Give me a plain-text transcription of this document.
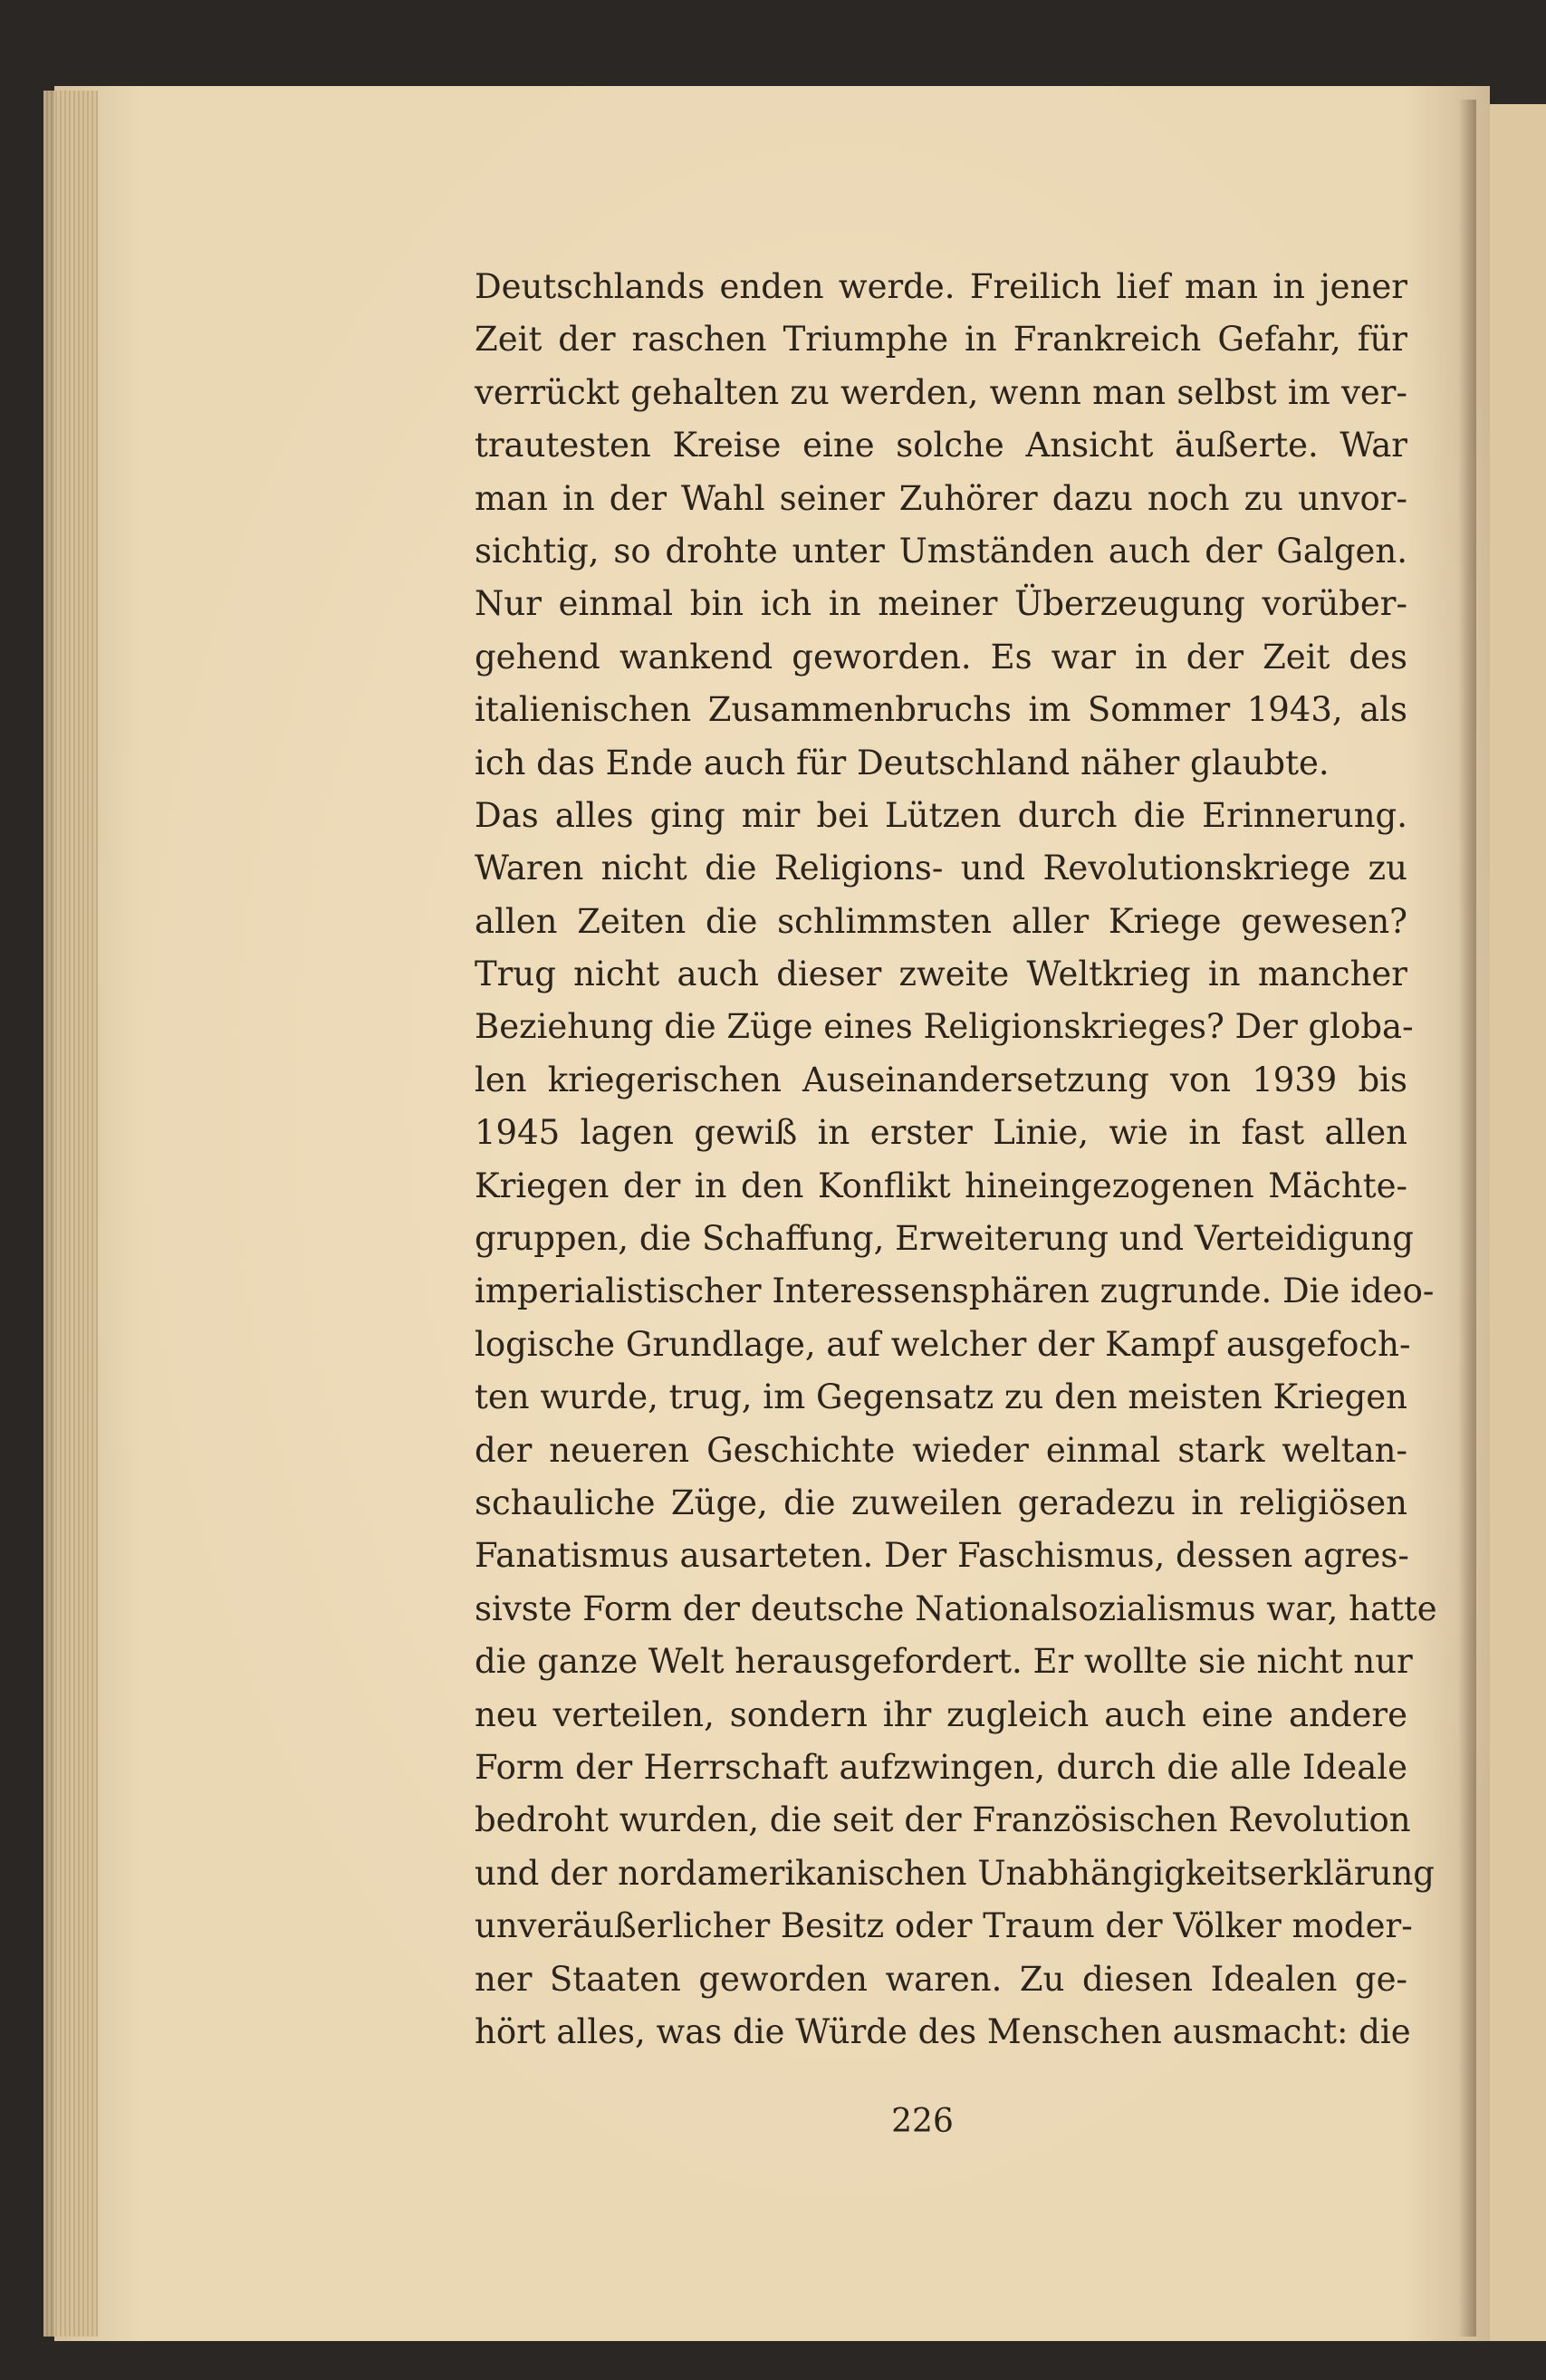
Deutschlands enden werde. Freilich lief man in jener
Zeit der raschen Triumphe in Frankreich Gefahr, für
verrückt gehalten zu werden, wenn man selbst im ver-
trautesten Kreise eine solche Ansicht äußerte. War
man in der Wahl seiner Zuhörer dazu noch zu unvor-
sichtig, so drohte unter Umständen auch der Galgen.
Nur einmal bin ich in meiner Überzeugung vorüber-
gehend wankend geworden. Es war in der Zeit des
italienischen Zusammenbruchs im Sommer 1943, als
ich das Ende auch für Deutschland näher glaubte.
Das alles ging mir bei Lützen durch die Erinnerung.
Waren nicht die Religions- und Revolutionskriege zu
allen Zeiten die schlimmsten aller Kriege gewesen?
Trug nicht auch dieser zweite Weltkrieg in mancher
Beziehung die Züge eines Religionskrieges? Der globa-
len kriegerischen Auseinandersetzung von 1939 bis
1945 lagen gewiß in erster Linie, wie in fast allen
Kriegen der in den Konflikt hineingezogenen Mächte-
gruppen, die Schaffung, Erweiterung und Verteidigung
imperialistischer Interessensphären zugrunde. Die ideo-
logische Grundlage, auf welcher der Kampf ausgefoch-
ten wurde, trug, im Gegensatz zu den meisten Kriegen
der neueren Geschichte wieder einmal stark weltan-
schauliche Züge, die zuweilen geradezu in religiösen
Fanatismus ausarteten. Der Faschismus, dessen agres-
sivste Form der deutsche Nationalsozialismus war, hatte
die ganze Welt herausgefordert. Er wollte sie nicht nur
neu verteilen, sondern ihr zugleich auch eine andere
Form der Herrschaft aufzwingen, durch die alle Ideale
bedroht wurden, die seit der Französischen Revolution
und der nordamerikanischen Unabhängigkeitserklärung
unveräußerlicher Besitz oder Traum der Völker moder-
ner Staaten geworden waren. Zu diesen Idealen ge-
hört alles, was die Würde des Menschen ausmacht: die
226
